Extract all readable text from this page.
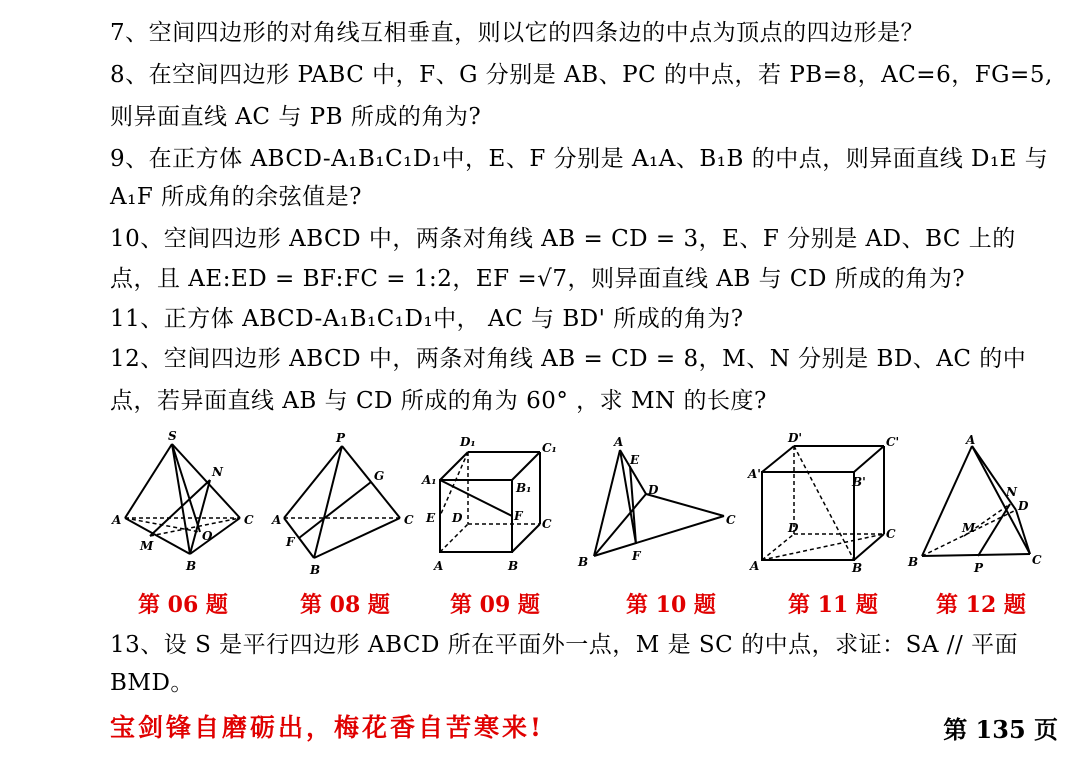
7、空间四边形的对角线互相垂直，则以它的四条边的中点为顶点的四边形是？
8、在空间四边形 PABC 中，F、G 分别是 AB、PC 的中点，若 PB=8，AC=6，FG=5,
则异面直线 AC 与 PB 所成的角为?
9、在正方体 ABCD-A₁B₁C₁D₁中，E、F 分别是 A₁A、B₁B 的中点，则异面直线 D₁E 与
A₁F 所成角的余弦值是?
10、空间四边形 ABCD 中，两条对角线 AB = CD = 3，E、F 分别是 AD、BC 上的
点，且 AE:ED = BF:FC = 1:2，EF =√7，则异面直线 AB 与 CD 所成的角为?
11、正方体 ABCD-A₁B₁C₁D₁中， AC 与 BD' 所成的角为?
12、空间四边形 ABCD 中，两条对角线 AB = CD = 8，M、N 分别是 BD、AC 的中
点，若异面直线 AB 与 CD 所成的角为 60° ，求 MN 的长度?
S
N
A	C
M
O
B
P
G
A	C
F
B
D₁	C₁
A₁
B₁
E D	F
C
A	B
A
E
D
C
B	F
D'	C'
A'
B'
D	C
A	B
A
N
D
M
B	P
C
第 06 题	第 08 题	第 09 题	第 10 题	第 11 题	第 12 题
13、设 S 是平行四边形 ABCD 所在平面外一点，M 是 SC 的中点，求证：SA // 平面
BMD。
宝剑锋自磨砺出，梅花香自苦寒来!	第 135 页
